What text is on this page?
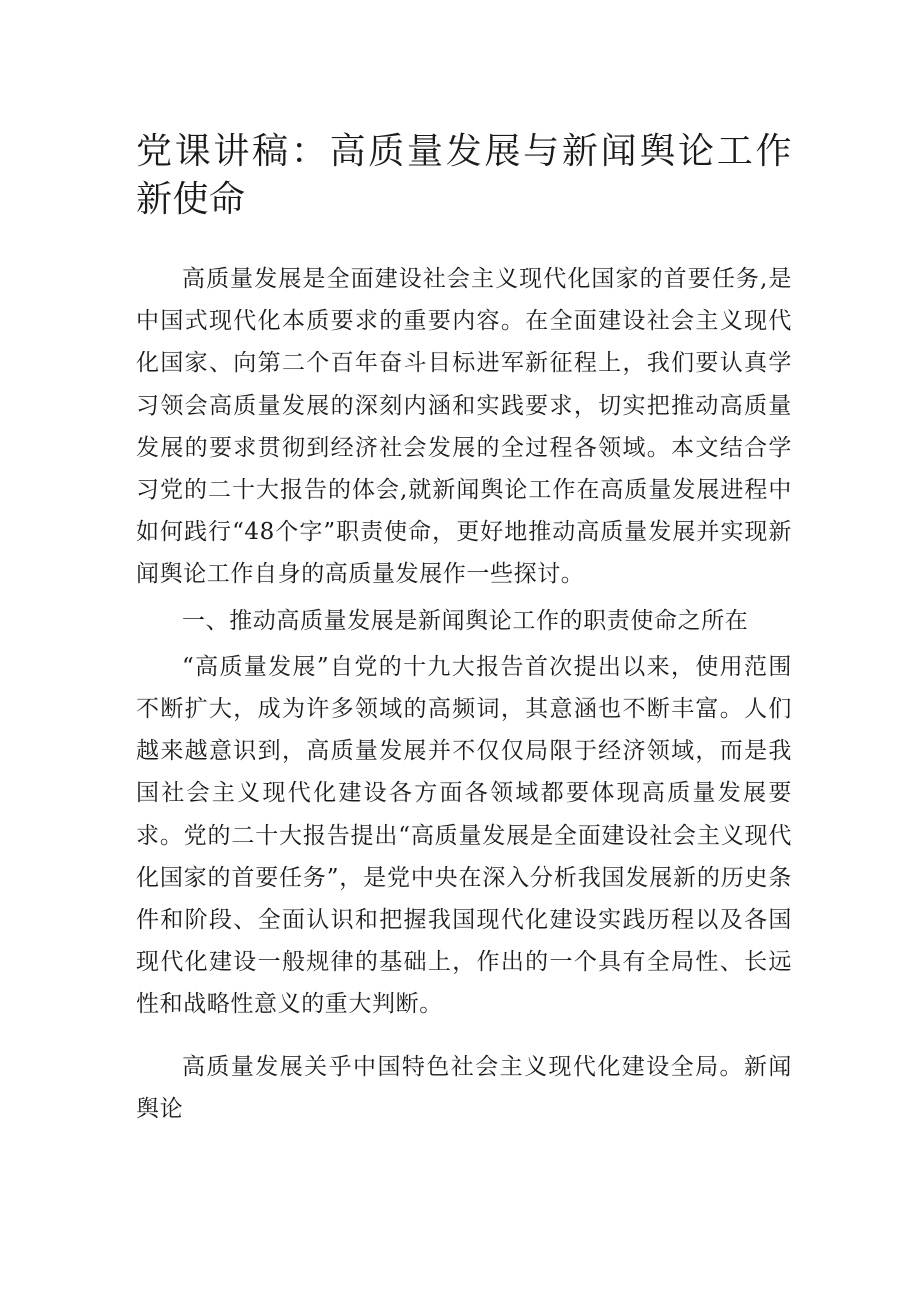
党课讲稿：高质量发展与新闻舆论工作新使命

高质量发展是全面建设社会主义现代化国家的首要任务,是中国式现代化本质要求的重要内容。在全面建设社会主义现代化国家、向第二个百年奋斗目标进军新征程上，我们要认真学习领会高质量发展的深刻内涵和实践要求，切实把推动高质量发展的要求贯彻到经济社会发展的全过程各领域。本文结合学习党的二十大报告的体会,就新闻舆论工作在高质量发展进程中如何践行“48个字”职责使命，更好地推动高质量发展并实现新闻舆论工作自身的高质量发展作一些探讨。

一、推动高质量发展是新闻舆论工作的职责使命之所在

“高质量发展”自党的十九大报告首次提出以来，使用范围不断扩大，成为许多领域的高频词，其意涵也不断丰富。人们越来越意识到，高质量发展并不仅仅局限于经济领域，而是我国社会主义现代化建设各方面各领域都要体现高质量发展要求。党的二十大报告提出“高质量发展是全面建设社会主义现代化国家的首要任务”，是党中央在深入分析我国发展新的历史条件和阶段、全面认识和把握我国现代化建设实践历程以及各国现代化建设一般规律的基础上，作出的一个具有全局性、长远性和战略性意义的重大判断。

高质量发展关乎中国特色社会主义现代化建设全局。新闻舆论
